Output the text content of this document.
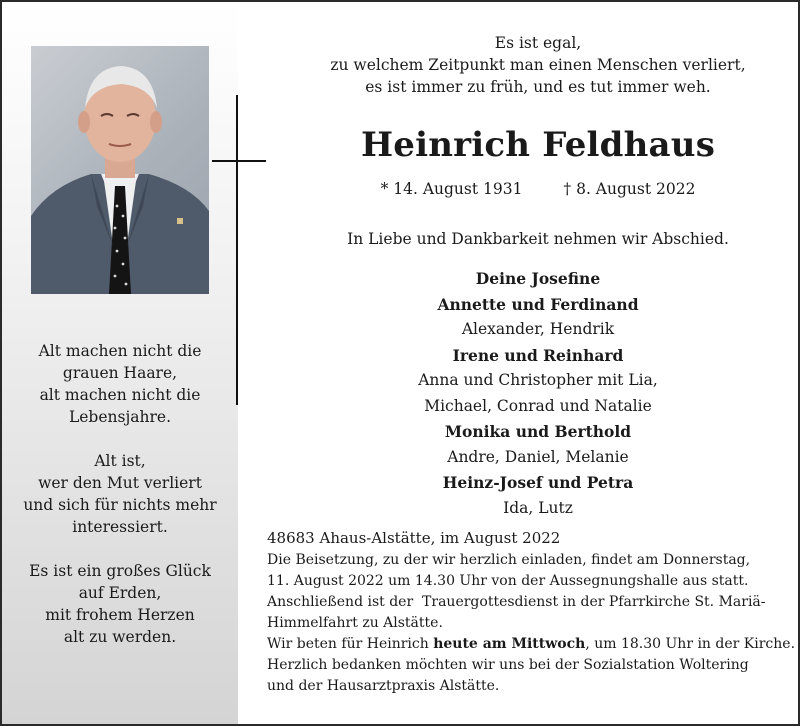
Alt machen nicht die
grauen Haare,
alt machen nicht die
Lebensjahre.
Alt ist,
wer den Mut verliert
und sich für nichts mehr
interessiert.
Es ist ein großes Glück
auf Erden,
mit frohem Herzen
alt zu werden.
Es ist egal,
zu welchem Zeitpunkt man einen Menschen verliert,
es ist immer zu früh, und es tut immer weh.
Heinrich Feldhaus
* 14. August 1931	† 8. August 2022
In Liebe und Dankbarkeit nehmen wir Abschied.
Deine Josefine
Annette und Ferdinand
Alexander, Hendrik
Irene und Reinhard
Anna und Christopher mit Lia,
Michael, Conrad und Natalie
Monika und Berthold
Andre, Daniel, Melanie
Heinz-Josef und Petra
Ida, Lutz
48683 Ahaus-Alstätte, im August 2022
Die Beisetzung, zu der wir herzlich einladen, findet am Donnerstag,
11. August 2022 um 14.30 Uhr von der Aussegnungshalle aus statt.
Anschließend ist der  Trauergottesdienst in der Pfarrkirche St. Mariä-
Himmelfahrt zu Alstätte.
Wir beten für Heinrich heute am Mittwoch, um 18.30 Uhr in der Kirche.
Herzlich bedanken möchten wir uns bei der Sozialstation Woltering
und der Hausarztpraxis Alstätte.
